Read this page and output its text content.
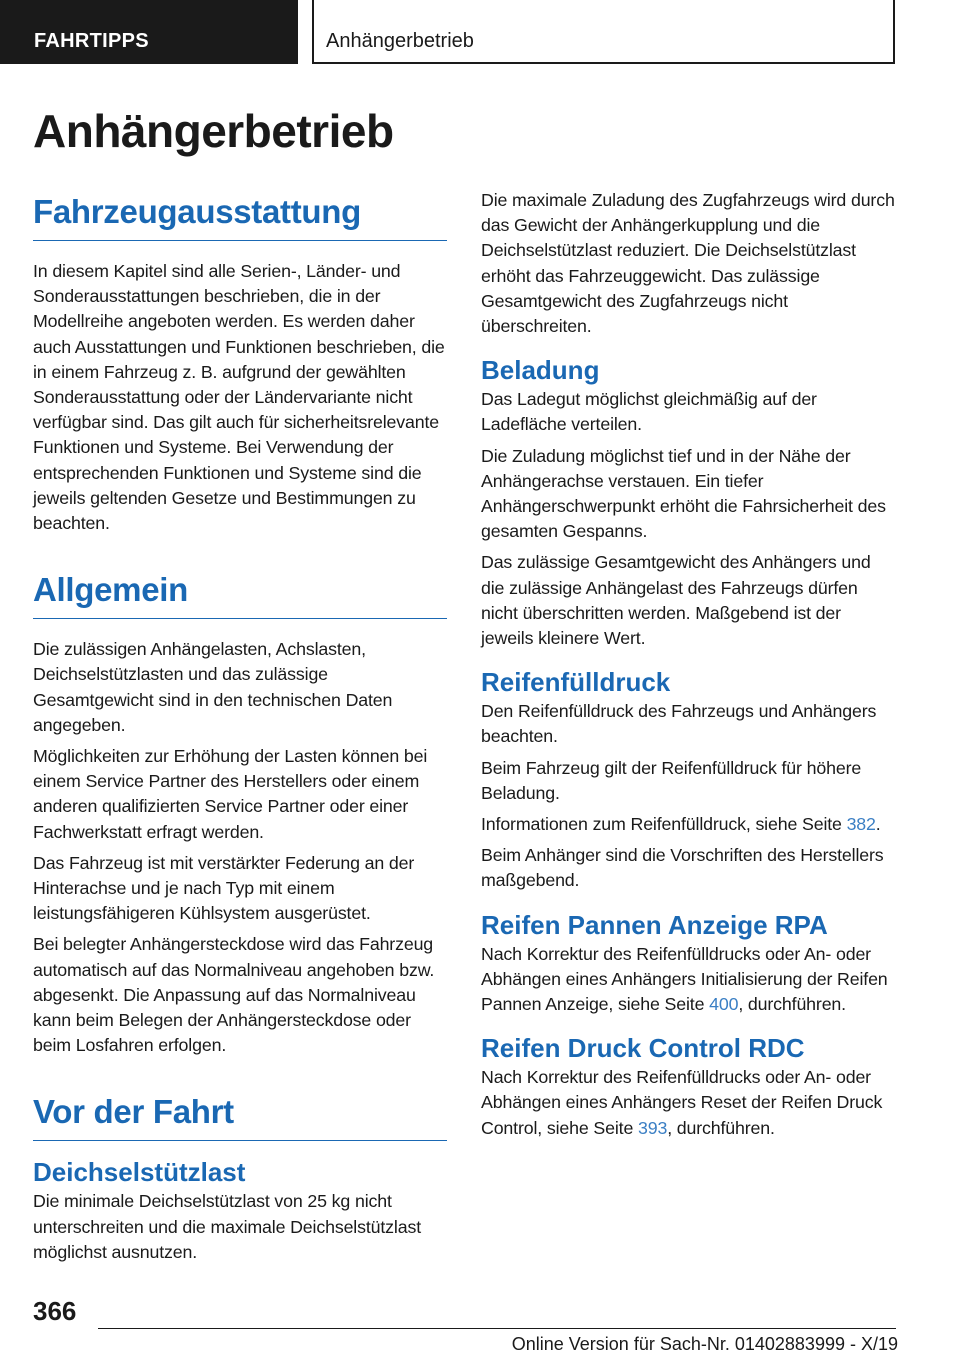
FAHRTIPPS	Anhängerbetrieb
Anhängerbetrieb
Fahrzeugausstattung

In diesem Kapitel sind alle Serien-, Länder- und Sonderausstattungen beschrieben, die in der Modellreihe angeboten werden. Es werden daher auch Ausstattungen und Funktionen beschrieben, die in einem Fahrzeug z. B. aufgrund der gewählten Sonderausstattung oder der Ländervariante nicht verfügbar sind. Das gilt auch für sicherheitsrelevante Funktionen und Systeme. Bei Verwendung der entsprechenden Funktionen und Systeme sind die jeweils geltenden Gesetze und Bestimmungen zu beachten.

Allgemein

Die zulässigen Anhängelasten, Achslasten, Deichselstützlasten und das zulässige Gesamtgewicht sind in den technischen Daten angegeben.

Möglichkeiten zur Erhöhung der Lasten können bei einem Service Partner des Herstellers oder einem anderen qualifizierten Service Partner oder einer Fachwerkstatt erfragt werden.

Das Fahrzeug ist mit verstärkter Federung an der Hinterachse und je nach Typ mit einem leistungsfähigeren Kühlsystem ausgerüstet.

Bei belegter Anhängersteckdose wird das Fahrzeug automatisch auf das Normalniveau angehoben bzw. abgesenkt. Die Anpassung auf das Normalniveau kann beim Belegen der Anhängersteckdose oder beim Losfahren erfolgen.

Vor der Fahrt
Deichselstützlast

Die minimale Deichselstützlast von 25 kg nicht unterschreiten und die maximale Deichselstützlast möglichst ausnutzen.

Die maximale Zuladung des Zugfahrzeugs wird durch das Gewicht der Anhängerkupplung und die Deichselstützlast reduziert. Die Deichselstützlast erhöht das Fahrzeuggewicht. Das zulässige Gesamtgewicht des Zugfahrzeugs nicht überschreiten.

Beladung

Das Ladegut möglichst gleichmäßig auf der Ladefläche verteilen.

Die Zuladung möglichst tief und in der Nähe der Anhängerachse verstauen. Ein tiefer Anhängerschwerpunkt erhöht die Fahrsicherheit des gesamten Gespanns.

Das zulässige Gesamtgewicht des Anhängers und die zulässige Anhängelast des Fahrzeugs dürfen nicht überschritten werden. Maßgebend ist der jeweils kleinere Wert.

Reifenfülldruck

Den Reifenfülldruck des Fahrzeugs und Anhängers beachten.

Beim Fahrzeug gilt der Reifenfülldruck für höhere Beladung.

Informationen zum Reifenfülldruck, siehe Seite 382.

Beim Anhänger sind die Vorschriften des Herstellers maßgebend.

Reifen Pannen Anzeige RPA

Nach Korrektur des Reifenfülldrucks oder An- oder Abhängen eines Anhängers Initialisierung der Reifen Pannen Anzeige, siehe Seite 400, durchführen.

Reifen Druck Control RDC

Nach Korrektur des Reifenfülldrucks oder An- oder Abhängen eines Anhängers Reset der Reifen Druck Control, siehe Seite 393, durchführen.

366
Online Version für Sach-Nr. 01402883999 - X/19
